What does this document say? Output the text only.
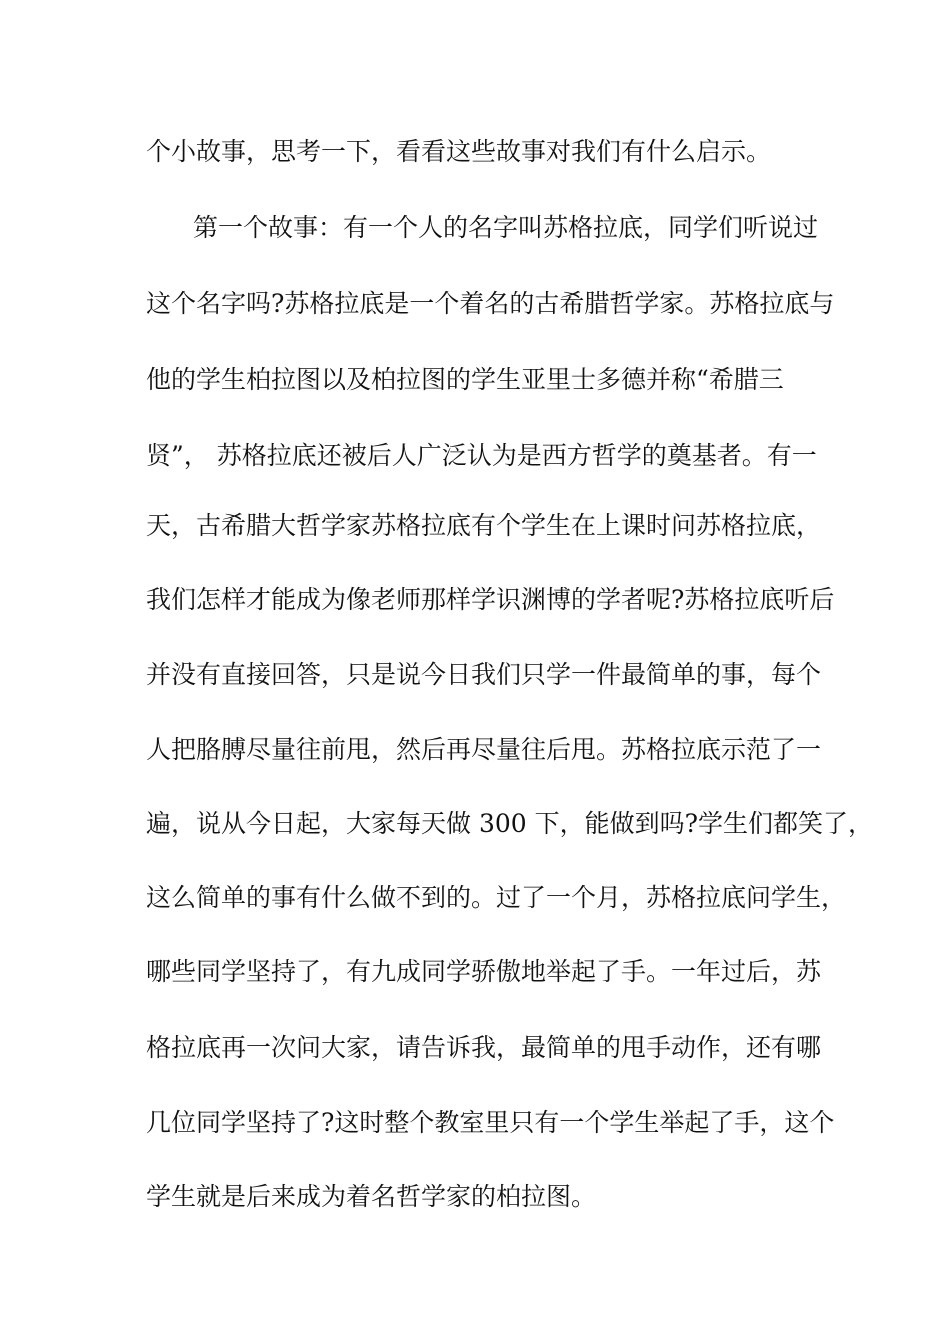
个小故事，思考一下，看看这些故事对我们有什么启示。
第一个故事：有一个人的名字叫苏格拉底，同学们听说过
这个名字吗?苏格拉底是一个着名的古希腊哲学家。苏格拉底与
他的学生柏拉图以及柏拉图的学生亚里士多德并称“希腊三
贤”， 苏格拉底还被后人广泛认为是西方哲学的奠基者。有一
天，古希腊大哲学家苏格拉底有个学生在上课时问苏格拉底，
我们怎样才能成为像老师那样学识渊博的学者呢?苏格拉底听后
并没有直接回答，只是说今日我们只学一件最简单的事，每个
人把胳膊尽量往前甩，然后再尽量往后甩。苏格拉底示范了一
遍，说从今日起，大家每天做 300 下，能做到吗?学生们都笑了，
这么简单的事有什么做不到的。过了一个月，苏格拉底问学生，
哪些同学坚持了，有九成同学骄傲地举起了手。一年过后，苏
格拉底再一次问大家，请告诉我，最简单的甩手动作，还有哪
几位同学坚持了?这时整个教室里只有一个学生举起了手，这个
学生就是后来成为着名哲学家的柏拉图。
